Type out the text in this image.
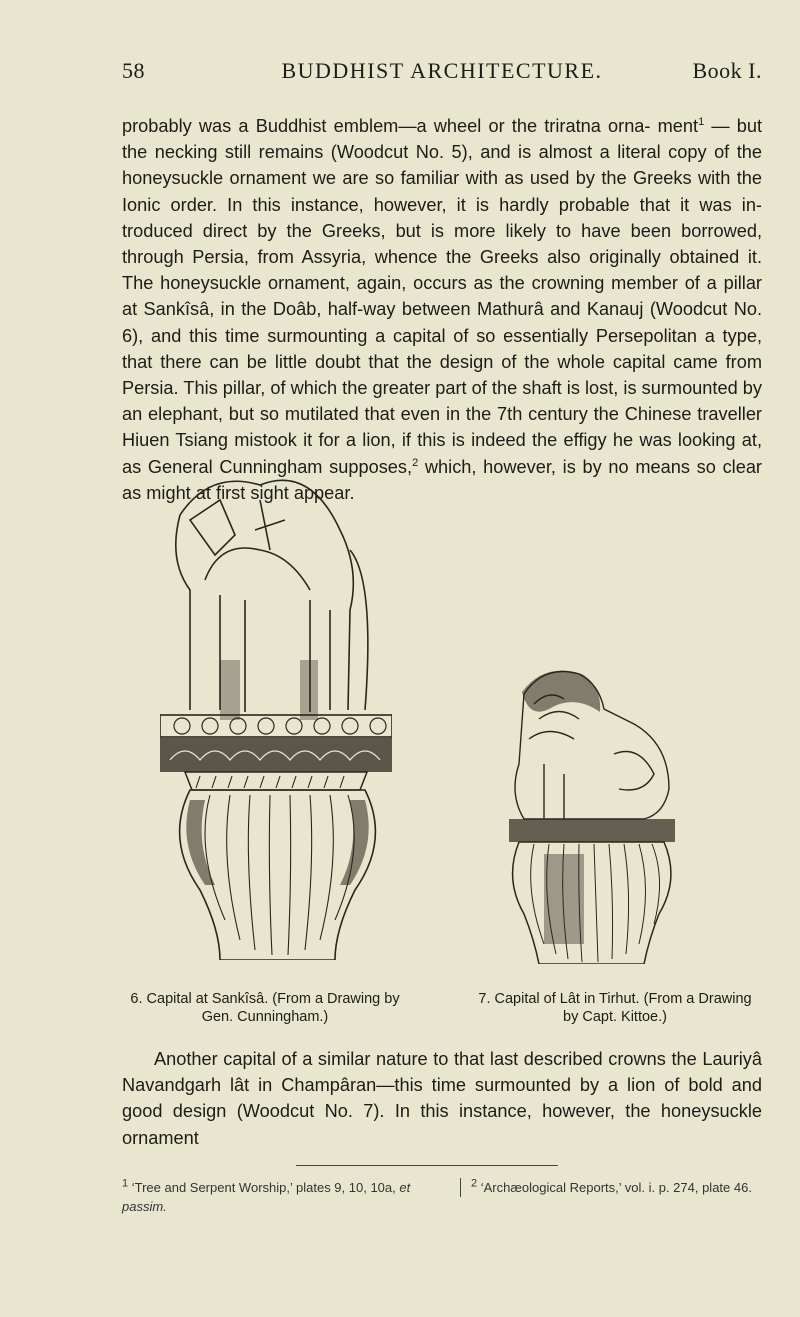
58	BUDDHIST ARCHITECTURE.	Book I.
probably was a Buddhist emblem—a wheel or the triratna orna- ment$^1$ — but the necking still remains (Woodcut No. 5), and is almost a literal copy of the honeysuckle ornament we are so familiar with as used by the Greeks with the Ionic order. In this instance, however, it is hardly probable that it was in- troduced direct by the Greeks, but is more likely to have been borrowed, through Persia, from Assyria, whence the Greeks also originally obtained it. The honeysuckle ornament, again, occurs as the crowning member of a pillar at Sankîsâ, in the Doâb, half-way between Mathurâ and Kanauj (Woodcut No. 6), and this time surmounting a capital of so essentially Persepolitan a type, that there can be little doubt that the design of the whole capital came from Persia. This pillar, of which the greater part of the shaft is lost, is surmounted by an elephant, but so mutilated that even in the 7th century the Chinese traveller Hiuen Tsiang mistook it for a lion, if this is indeed the effigy he was looking at, as General Cunningham supposes,$^2$ which, however, is by no means so clear as might at first sight appear.
6. Capital at Sankîsâ. (From a Drawing by Gen. Cunningham.)
7. Capital of Lât in Tirhut. (From a Drawing by Capt. Kittoe.)
Another capital of a similar nature to that last described crowns the Lauriyâ Navandgarh lât in Champâran—this time surmounted by a lion of bold and good design (Woodcut No. 7). In this instance, however, the honeysuckle ornament
$^1$ ‘Tree and Serpent Worship,’ plates 9, 10, 10a, et passim.
$^2$ ‘Archæological Reports,’ vol. i. p. 274, plate 46.
